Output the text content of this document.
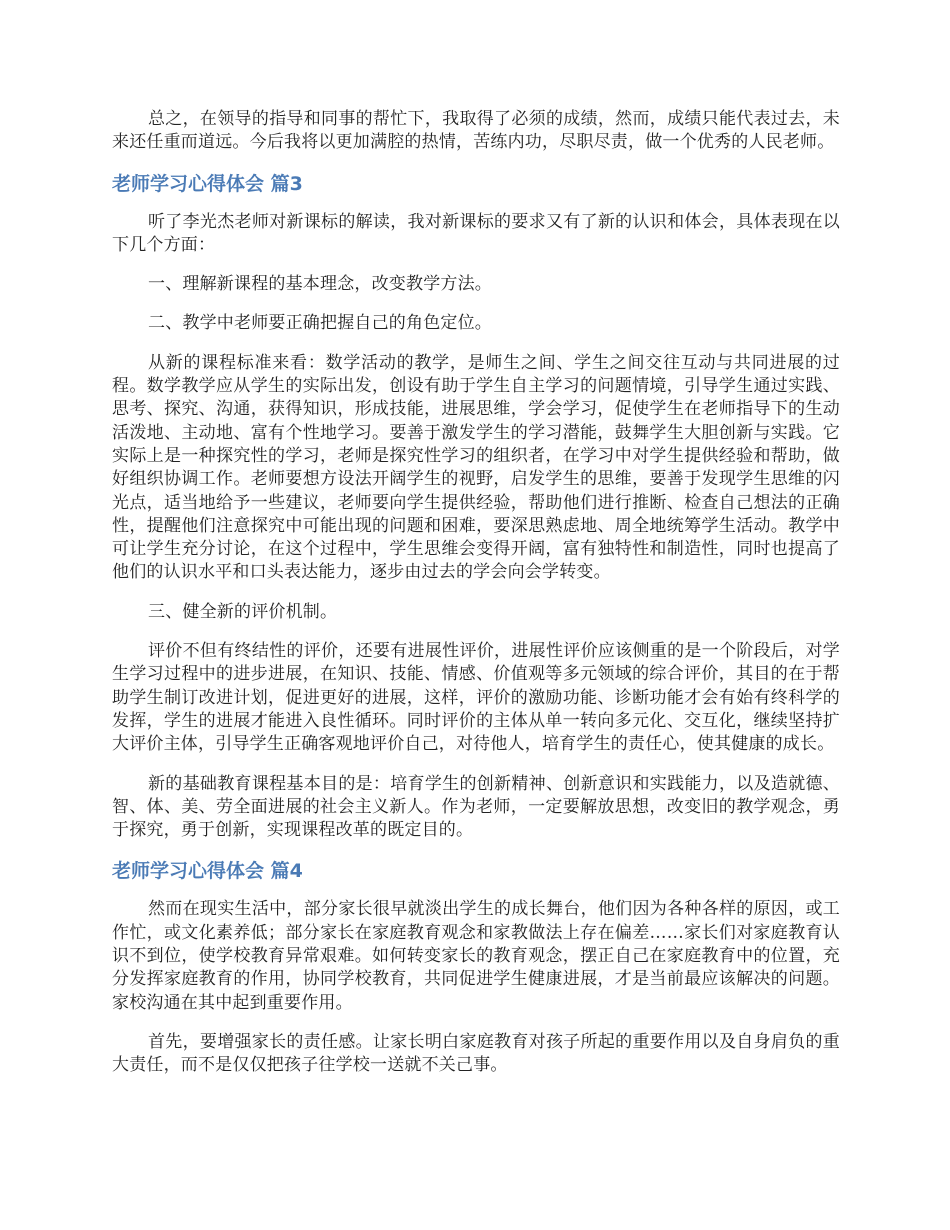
总之，在领导的指导和同事的帮忙下，我取得了必须的成绩，然而，成绩只能代表过去，未来还任重而道远。今后我将以更加满腔的热情，苦练内功，尽职尽责，做一个优秀的人民老师。

老师学习心得体会 篇3

听了李光杰老师对新课标的解读，我对新课标的要求又有了新的认识和体会，具体表现在以下几个方面：

一、理解新课程的基本理念，改变教学方法。

二、教学中老师要正确把握自己的角色定位。

从新的课程标准来看：数学活动的教学，是师生之间、学生之间交往互动与共同进展的过程。数学教学应从学生的实际出发，创设有助于学生自主学习的问题情境，引导学生通过实践、思考、探究、沟通，获得知识，形成技能，进展思维，学会学习，促使学生在老师指导下的生动活泼地、主动地、富有个性地学习。要善于激发学生的学习潜能，鼓舞学生大胆创新与实践。它实际上是一种探究性的学习，老师是探究性学习的组织者，在学习中对学生提供经验和帮助，做好组织协调工作。老师要想方设法开阔学生的视野，启发学生的思维，要善于发现学生思维的闪光点，适当地给予一些建议，老师要向学生提供经验，帮助他们进行推断、检查自己想法的正确性，提醒他们注意探究中可能出现的问题和困难，要深思熟虑地、周全地统筹学生活动。教学中可让学生充分讨论，在这个过程中，学生思维会变得开阔，富有独特性和制造性，同时也提高了他们的认识水平和口头表达能力，逐步由过去的学会向会学转变。

三、健全新的评价机制。

评价不但有终结性的评价，还要有进展性评价，进展性评价应该侧重的是一个阶段后，对学生学习过程中的进步进展，在知识、技能、情感、价值观等多元领域的综合评价，其目的在于帮助学生制订改进计划，促进更好的进展，这样，评价的激励功能、诊断功能才会有始有终科学的发挥，学生的进展才能进入良性循环。同时评价的主体从单一转向多元化、交互化，继续坚持扩大评价主体，引导学生正确客观地评价自己，对待他人，培育学生的责任心，使其健康的成长。

新的基础教育课程基本目的是：培育学生的创新精神、创新意识和实践能力，以及造就德、智、体、美、劳全面进展的社会主义新人。作为老师，一定要解放思想，改变旧的教学观念，勇于探究，勇于创新，实现课程改革的既定目的。

老师学习心得体会 篇4

然而在现实生活中，部分家长很早就淡出学生的成长舞台，他们因为各种各样的原因，或工作忙，或文化素养低；部分家长在家庭教育观念和家教做法上存在偏差……家长们对家庭教育认识不到位，使学校教育异常艰难。如何转变家长的教育观念，摆正自己在家庭教育中的位置，充分发挥家庭教育的作用，协同学校教育，共同促进学生健康进展，才是当前最应该解决的问题。家校沟通在其中起到重要作用。

首先，要增强家长的责任感。让家长明白家庭教育对孩子所起的重要作用以及自身肩负的重大责任，而不是仅仅把孩子往学校一送就不关己事。
